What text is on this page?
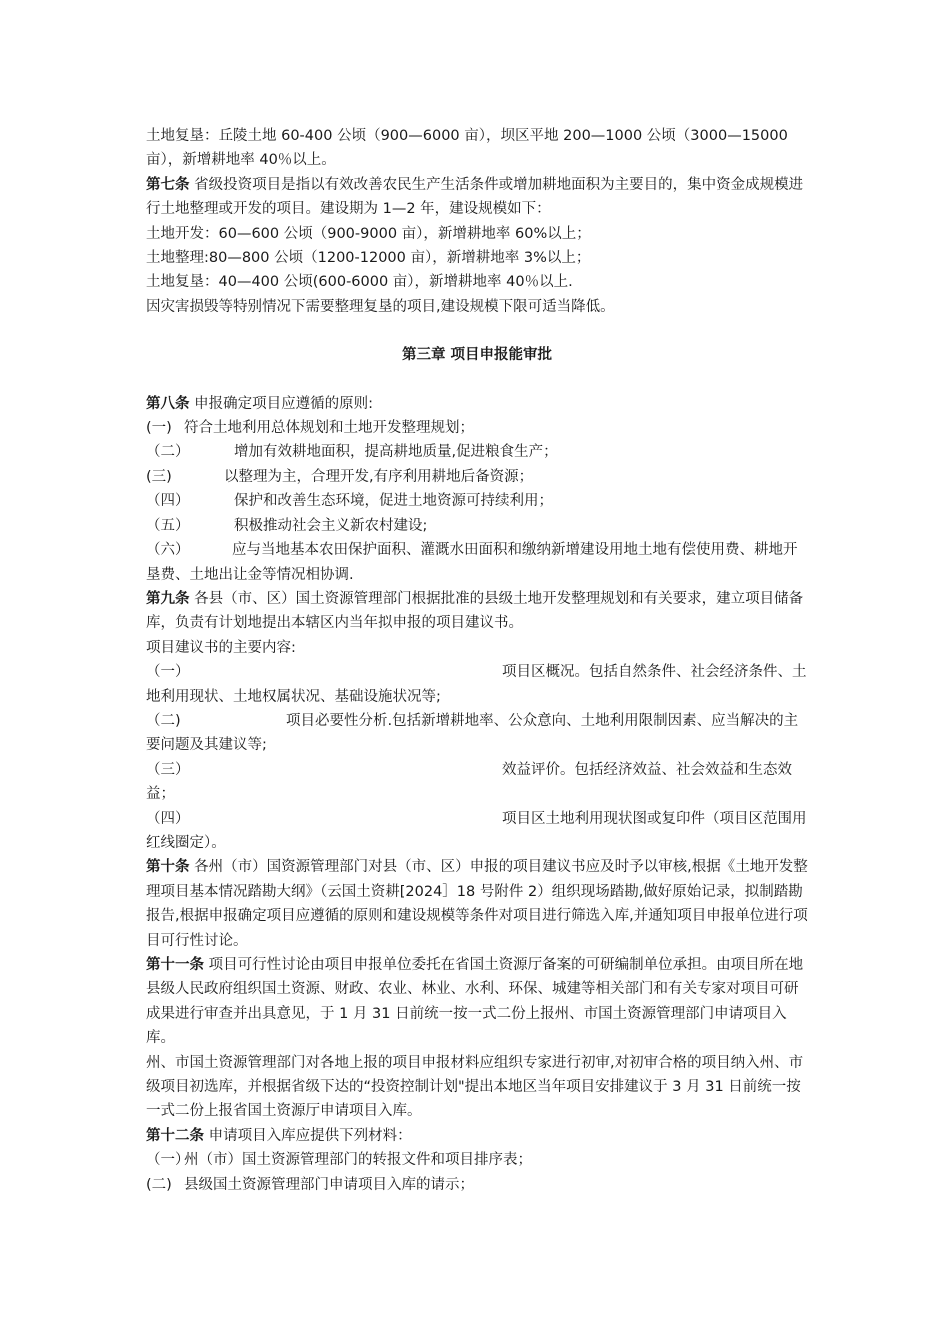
土地复垦：丘陵土地 60-400 公顷（900—6000 亩），坝区平地 200—1000 公顷（3000—15000 亩），新增耕地率 40％以上。

第七条 省级投资项目是指以有效改善农民生产生活条件或增加耕地面积为主要目的，集中资金成规模进行土地整理或开发的项目。建设期为 1—2 年，建设规模如下：

土地开发：60—600 公顷（900-9000 亩），新增耕地率 60%以上；

土地整理:80—800 公顷（1200-12000 亩），新增耕地率 3%以上；

土地复垦：40—400 公顷(600-6000 亩），新增耕地率 40％以上.

因灾害损毁等特别情况下需要整理复垦的项目,建设规模下限可适当降低。

第三章 项目申报能审批

第八条 申报确定项目应遵循的原则:

(一) 符合土地利用总体规划和土地开发整理规划；

（二）	增加有效耕地面积，提高耕地质量,促进粮食生产；

(三)	以整理为主，合理开发,有序利用耕地后备资源；

（四）	保护和改善生态环境，促进土地资源可持续利用；

（五）	积极推动社会主义新农村建设;

（六）	应与当地基本农田保护面积、灌溉水田面积和缴纳新增建设用地土地有偿使用费、耕地开垦费、土地出让金等情况相协调.

第九条 各县（市、区）国土资源管理部门根据批准的县级土地开发整理规划和有关要求，建立项目储备库，负责有计划地提出本辖区内当年拟申报的项目建议书。

项目建议书的主要内容:

（一）	项目区概况。包括自然条件、社会经济条件、土地利用现状、土地权属状况、基础设施状况等;

（二)	项目必要性分析.包括新增耕地率、公众意向、土地利用限制因素、应当解决的主要问题及其建议等;

（三）	效益评价。包括经济效益、社会效益和生态效益；

（四）	项目区土地利用现状图或复印件（项目区范围用红线圈定）。

第十条 各州（市）国资源管理部门对县（市、区）申报的项目建议书应及时予以审核,根据《土地开发整理项目基本情况踏勘大纲》（云国土资耕[2024］18 号附件 2）组织现场踏勘,做好原始记录，拟制踏勘报告,根据申报确定项目应遵循的原则和建设规模等条件对项目进行筛选入库,并通知项目申报单位进行项目可行性讨论。

第十一条 项目可行性讨论由项目申报单位委托在省国土资源厅备案的可研编制单位承担。由项目所在地县级人民政府组织国土资源、财政、农业、林业、水利、环保、城建等相关部门和有关专家对项目可研成果进行审查并出具意见，于 1 月 31 日前统一按一式二份上报州、市国土资源管理部门申请项目入库。

州、市国土资源管理部门对各地上报的项目申报材料应组织专家进行初审,对初审合格的项目纳入州、市级项目初选库，并根据省级下达的“投资控制计划"提出本地区当年项目安排建议于 3 月 31 日前统一按一式二份上报省国土资源厅申请项目入库。

第十二条 申请项目入库应提供下列材料：

（一）州（市）国土资源管理部门的转报文件和项目排序表；

(二) 县级国土资源管理部门申请项目入库的请示；
